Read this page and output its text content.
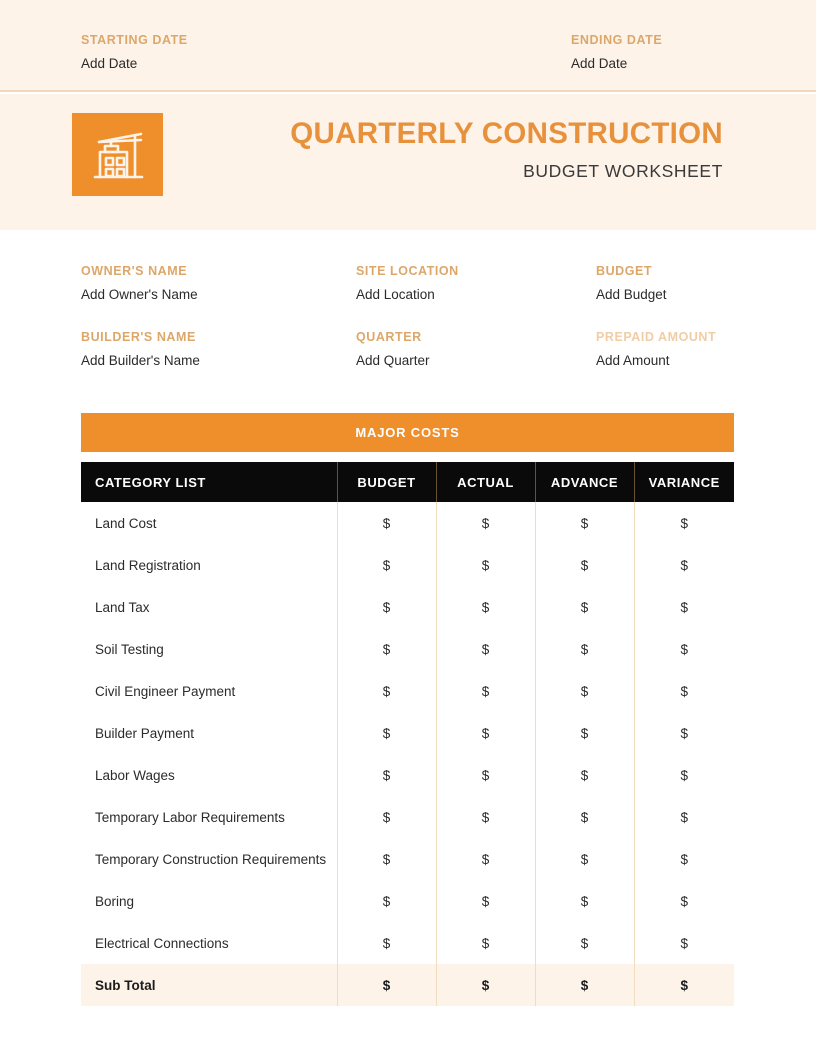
STARTING DATE
Add Date
ENDING DATE
Add Date
QUARTERLY CONSTRUCTION
BUDGET WORKSHEET
OWNER'S NAME
Add Owner's Name
SITE LOCATION
Add Location
BUDGET
Add Budget
BUILDER'S NAME
Add Builder's Name
QUARTER
Add Quarter
PREPAID AMOUNT
Add Amount
MAJOR COSTS
CATEGORY LIST	BUDGET	ACTUAL	ADVANCE	VARIANCE
Land Cost	$	$	$	$
Land Registration	$	$	$	$
Land Tax	$	$	$	$
Soil Testing	$	$	$	$
Civil Engineer Payment	$	$	$	$
Builder Payment	$	$	$	$
Labor Wages	$	$	$	$
Temporary Labor Requirements	$	$	$	$
Temporary Construction Requirements	$	$	$	$
Boring	$	$	$	$
Electrical Connections	$	$	$	$
Sub Total	$	$	$	$
